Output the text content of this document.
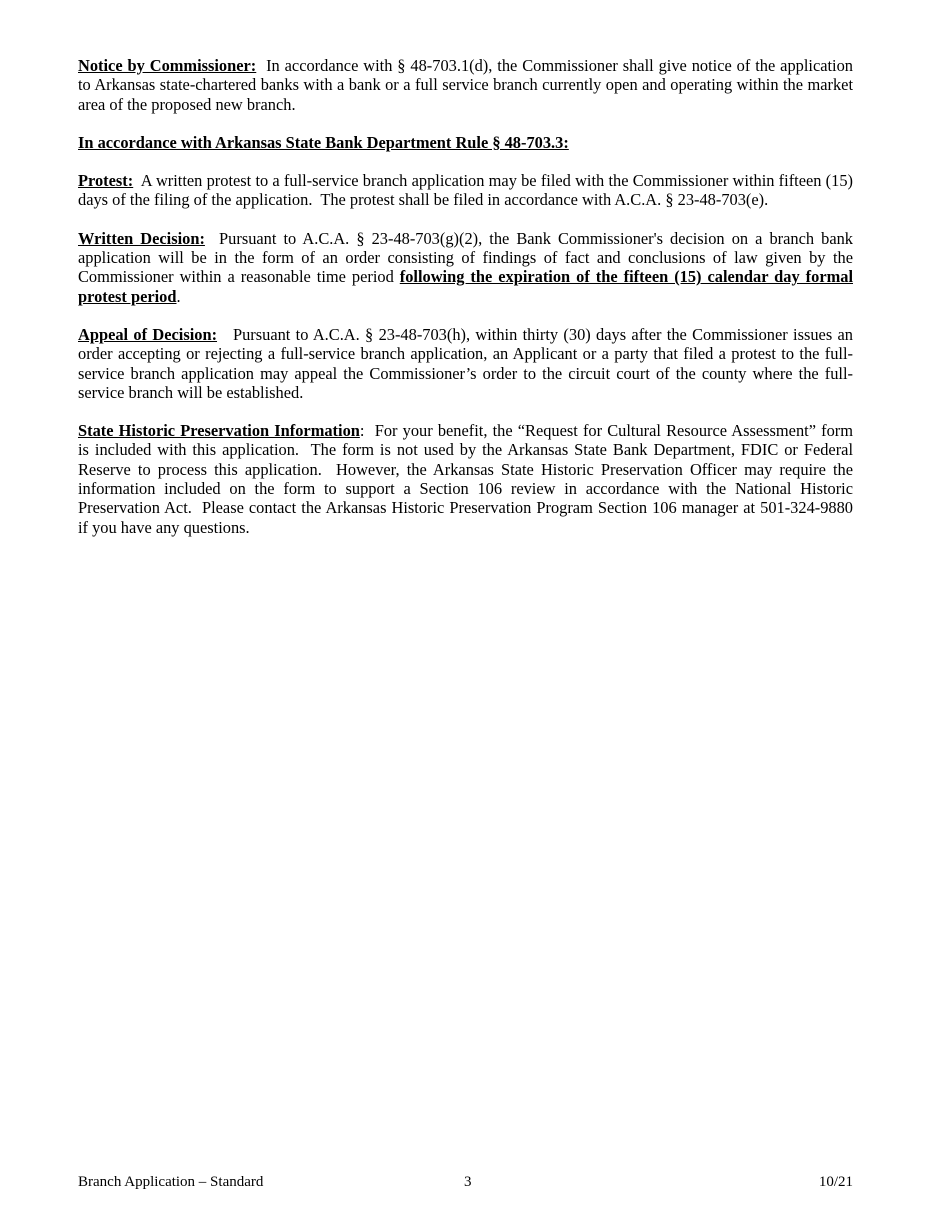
Notice by Commissioner:  In accordance with § 48-703.1(d), the Commissioner shall give notice of the application to Arkansas state-chartered banks with a bank or a full service branch currently open and operating within the market area of the proposed new branch.

In accordance with Arkansas State Bank Department Rule § 48-703.3:

Protest:  A written protest to a full-service branch application may be filed with the Commissioner within fifteen (15) days of the filing of the application.  The protest shall be filed in accordance with A.C.A. § 23-48-703(e).

Written Decision:  Pursuant to A.C.A. § 23-48-703(g)(2), the Bank Commissioner's decision on a branch bank application will be in the form of an order consisting of findings of fact and conclusions of law given by the Commissioner within a reasonable time period following the expiration of the fifteen (15) calendar day formal protest period.

Appeal of Decision:   Pursuant to A.C.A. § 23-48-703(h), within thirty (30) days after the Commissioner issues an order accepting or rejecting a full-service branch application, an Applicant or a party that filed a protest to the full-service branch application may appeal the Commissioner’s order to the circuit court of the county where the full-service branch will be established.

State Historic Preservation Information:  For your benefit, the “Request for Cultural Resource Assessment” form is included with this application.  The form is not used by the Arkansas State Bank Department, FDIC or Federal Reserve to process this application.  However, the Arkansas State Historic Preservation Officer may require the information included on the form to support a Section 106 review in accordance with the National Historic Preservation Act.  Please contact the Arkansas Historic Preservation Program Section 106 manager at 501-324-9880 if you have any questions.

Branch Application – Standard	3	10/21
